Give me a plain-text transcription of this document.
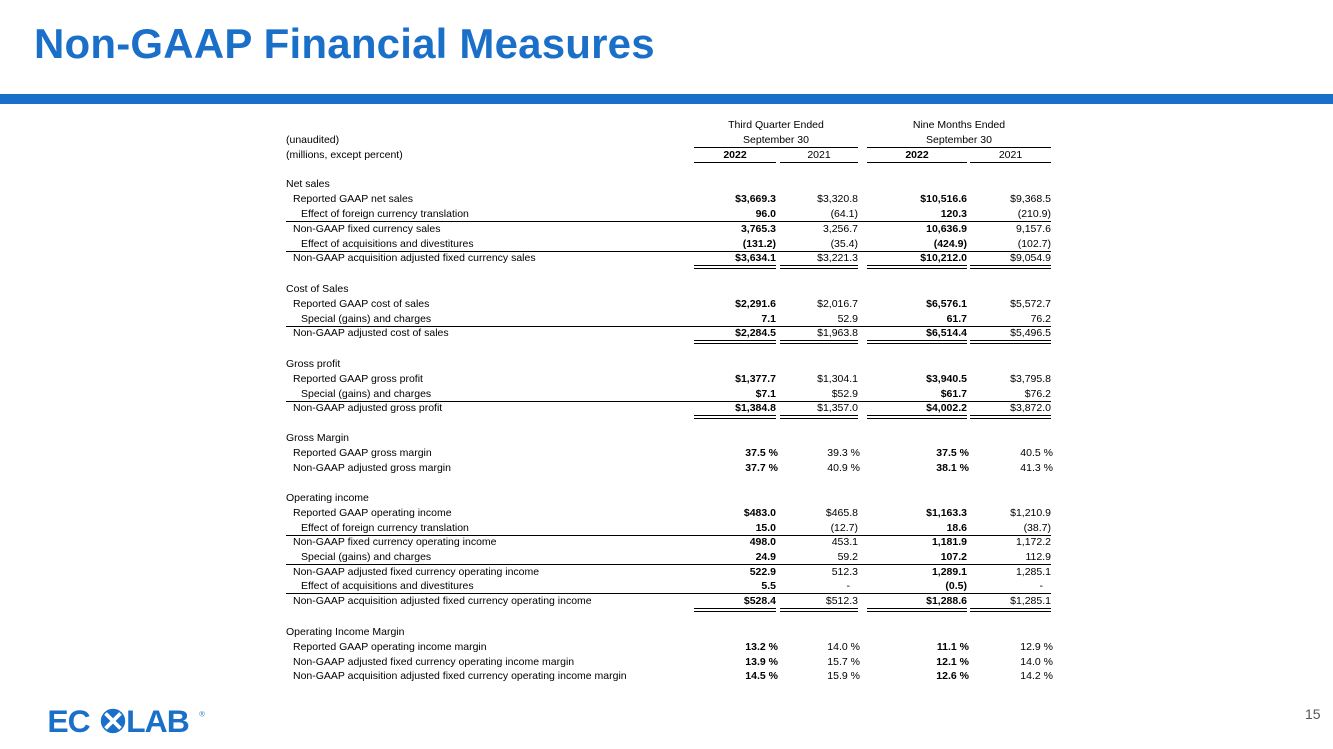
Non-GAAP Financial Measures
Third Quarter Ended
September 30
Nine Months Ended
September 30
(unaudited)
(millions, except percent)	2022	2021	2022	2021
Net sales
Reported GAAP net sales	$3,669.3	$3,320.8	$10,516.6	$9,368.5
Effect of foreign currency translation	96.0	(64.1)	120.3	(210.9)
Non-GAAP fixed currency sales	3,765.3	3,256.7	10,636.9	9,157.6
Effect of acquisitions and divestitures	(131.2)	(35.4)	(424.9)	(102.7)
Non-GAAP acquisition adjusted fixed currency sales	$3,634.1	$3,221.3	$10,212.0	$9,054.9
Cost of Sales
Reported GAAP cost of sales	$2,291.6	$2,016.7	$6,576.1	$5,572.7
Special (gains) and charges	7.1	52.9	61.7	76.2
Non-GAAP adjusted cost of sales	$2,284.5	$1,963.8	$6,514.4	$5,496.5
Gross profit
Reported GAAP gross profit	$1,377.7	$1,304.1	$3,940.5	$3,795.8
Special (gains) and charges	$7.1	$52.9	$61.7	$76.2
Non-GAAP adjusted gross profit	$1,384.8	$1,357.0	$4,002.2	$3,872.0
Gross Margin
Reported GAAP gross margin	37.5 %	39.3 %	37.5 %	40.5 %
Non-GAAP adjusted gross margin	37.7 %	40.9 %	38.1 %	41.3 %
Operating income
Reported GAAP operating income	$483.0	$465.8	$1,163.3	$1,210.9
Effect of foreign currency translation	15.0	(12.7)	18.6	(38.7)
Non-GAAP fixed currency operating income	498.0	453.1	1,181.9	1,172.2
Special (gains) and charges	24.9	59.2	107.2	112.9
Non-GAAP adjusted fixed currency operating income	522.9	512.3	1,289.1	1,285.1
Effect of acquisitions and divestitures	5.5	-	(0.5)	-
Non-GAAP acquisition adjusted fixed currency operating income	$528.4	$512.3	$1,288.6	$1,285.1
Operating Income Margin
Reported GAAP operating income margin	13.2 %	14.0 %	11.1 %	12.9 %
Non-GAAP adjusted fixed currency operating income margin	13.9 %	15.7 %	12.1 %	14.0 %
Non-GAAP acquisition adjusted fixed currency operating income margin	14.5 %	15.9 %	12.6 %	14.2 %
EC LAB ®	15
